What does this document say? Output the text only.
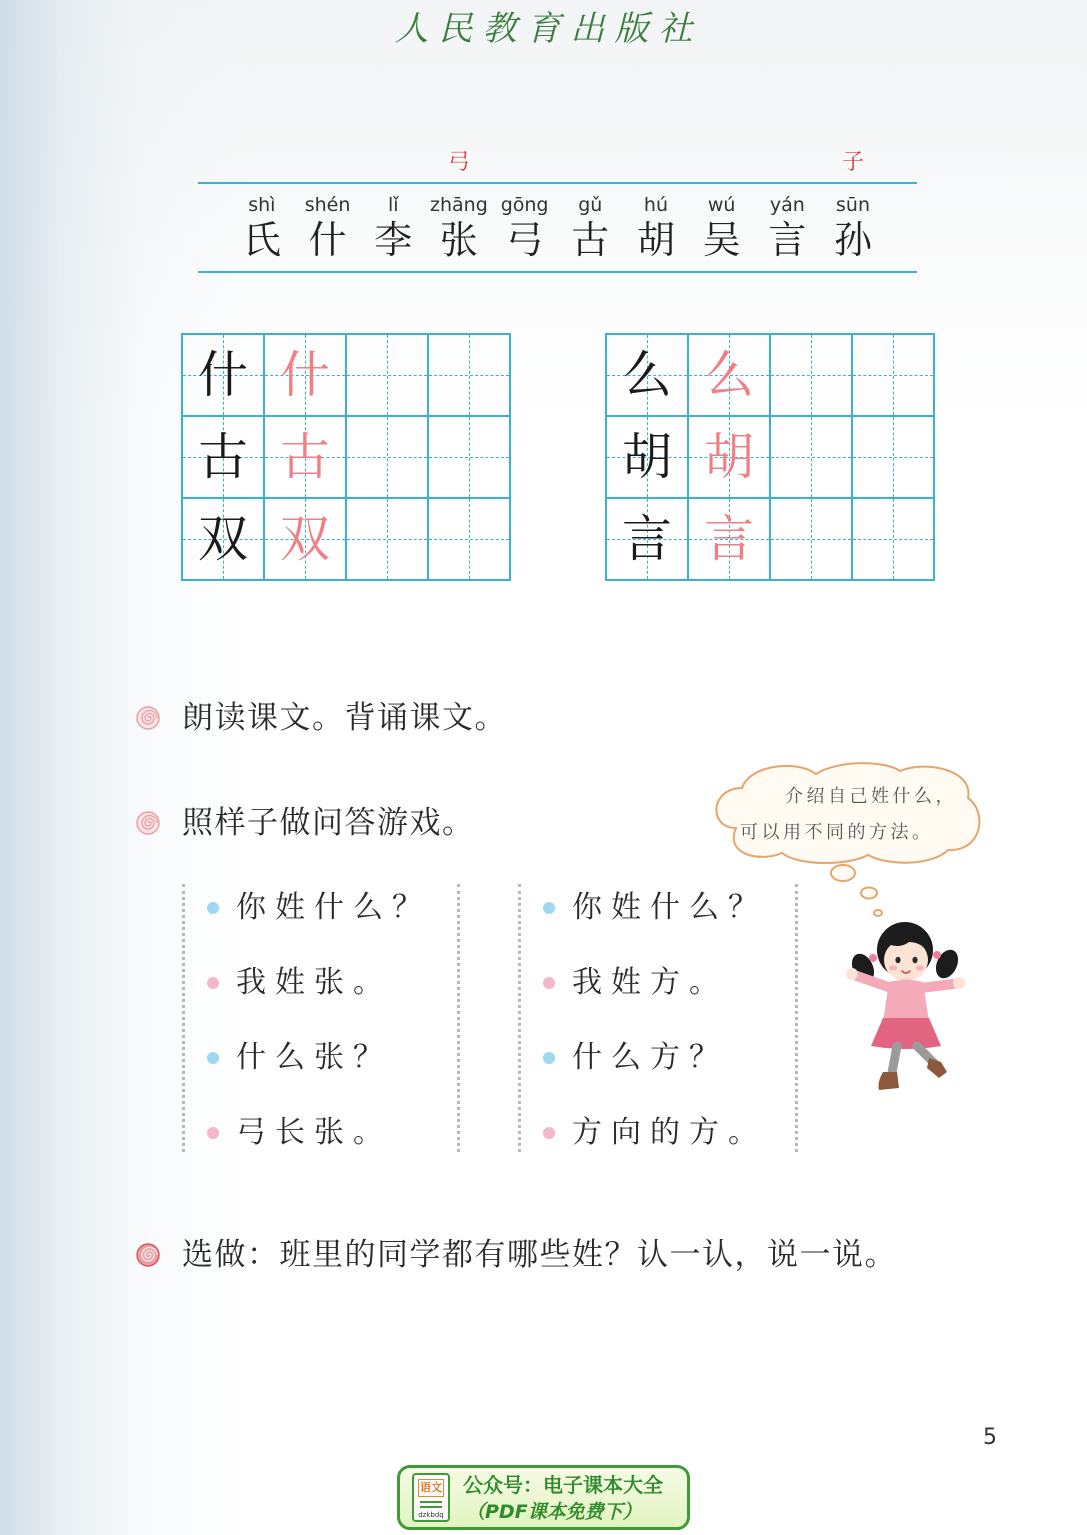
人民教育出版社
shì
氏
shén
什
lǐ
李
弓
zhāng
张
gōng
弓
gǔ
古
hú
胡
wú
吴
yán
言
子
sūn
孙
什 什
古 古
双 双
么 么
胡 胡
言 言
朗读课文。背诵课文。
照样子做问答游戏。
选做：班里的同学都有哪些姓？认一认，说一说。
介绍自己姓什么，
可以用不同的方法。
你姓什么？
我姓张。
什么张？
弓长张。
你姓什么？
我姓方。
什么方？
方向的方。
5
语文
dzkbdq
公众号：电子课本大全
（PDF课本免费下）
